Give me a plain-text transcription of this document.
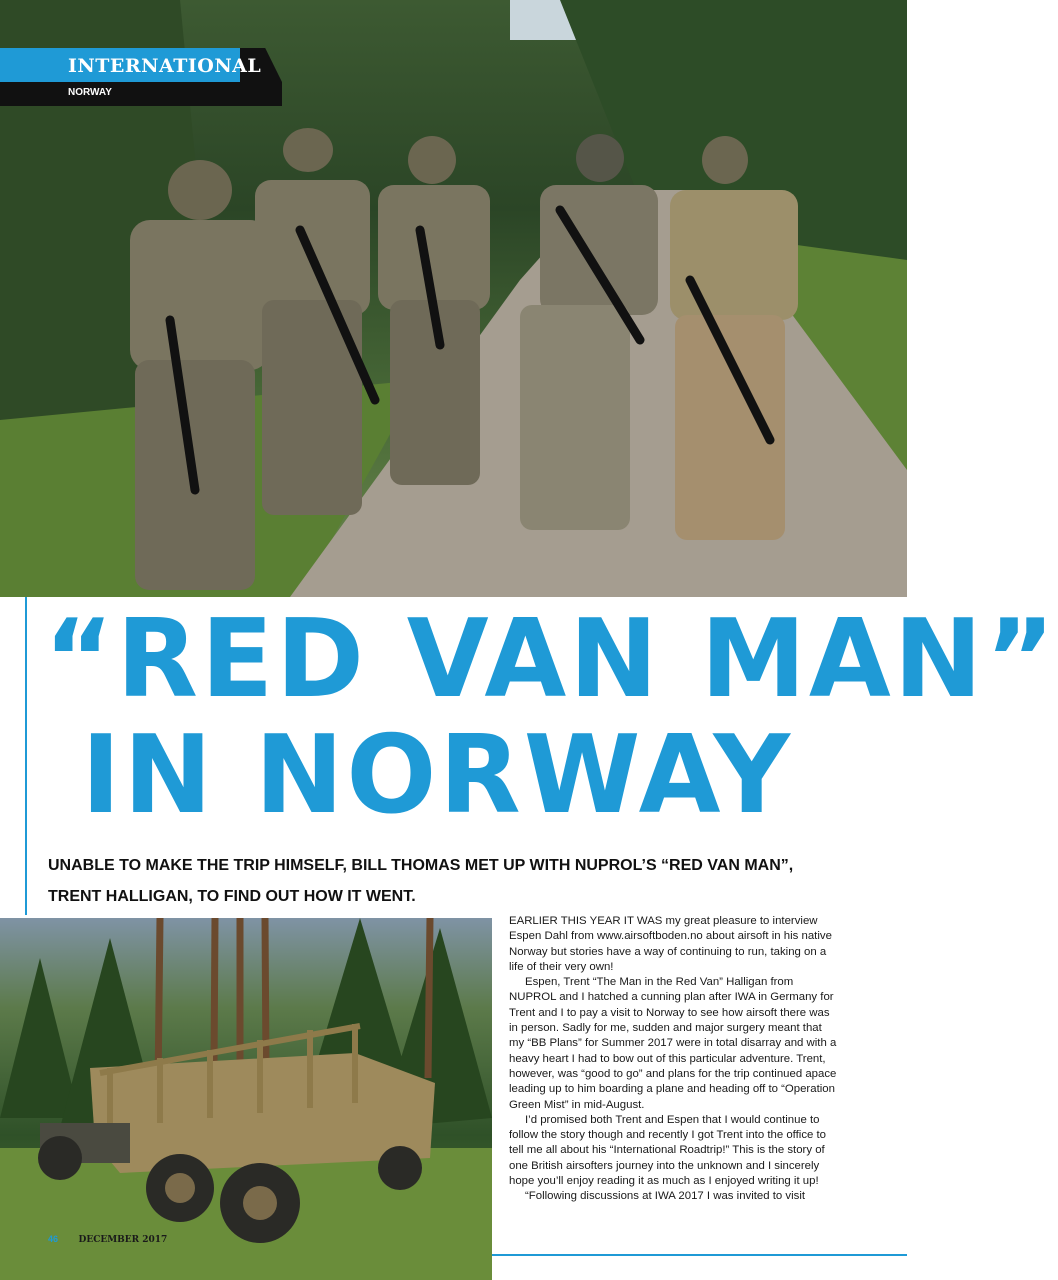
INTERNATIONAL
NORWAY
“RED VAN MAN”
IN NORWAY
UNABLE TO MAKE THE TRIP HIMSELF, BILL THOMAS MET UP WITH NUPROL’S “RED VAN MAN”, TRENT HALLIGAN, TO FIND OUT HOW IT WENT.
46 DECEMBER 2017

EARLIER THIS YEAR IT WAS my great pleasure to interview Espen Dahl from www.airsoftboden.no about airsoft in his native Norway but stories have a way of continuing to run, taking on a life of their very own!

Espen, Trent “The Man in the Red Van” Halligan from NUPROL and I hatched a cunning plan after IWA in Germany for Trent and I to pay a visit to Norway to see how airsoft there was in person. Sadly for me, sudden and major surgery meant that my “BB Plans” for Summer 2017 were in total disarray and with a heavy heart I had to bow out of this particular adventure. Trent, however, was “good to go” and plans for the trip continued apace leading up to him boarding a plane and heading off to “Operation Green Mist” in mid-August.

I’d promised both Trent and Espen that I would continue to follow the story though and recently I got Trent into the office to tell me all about his “International Roadtrip!” This is the story of one British airsofters journey into the unknown and I sincerely hope you’ll enjoy reading it as much as I enjoyed writing it up!

“Following discussions at IWA 2017 I was invited to visit
